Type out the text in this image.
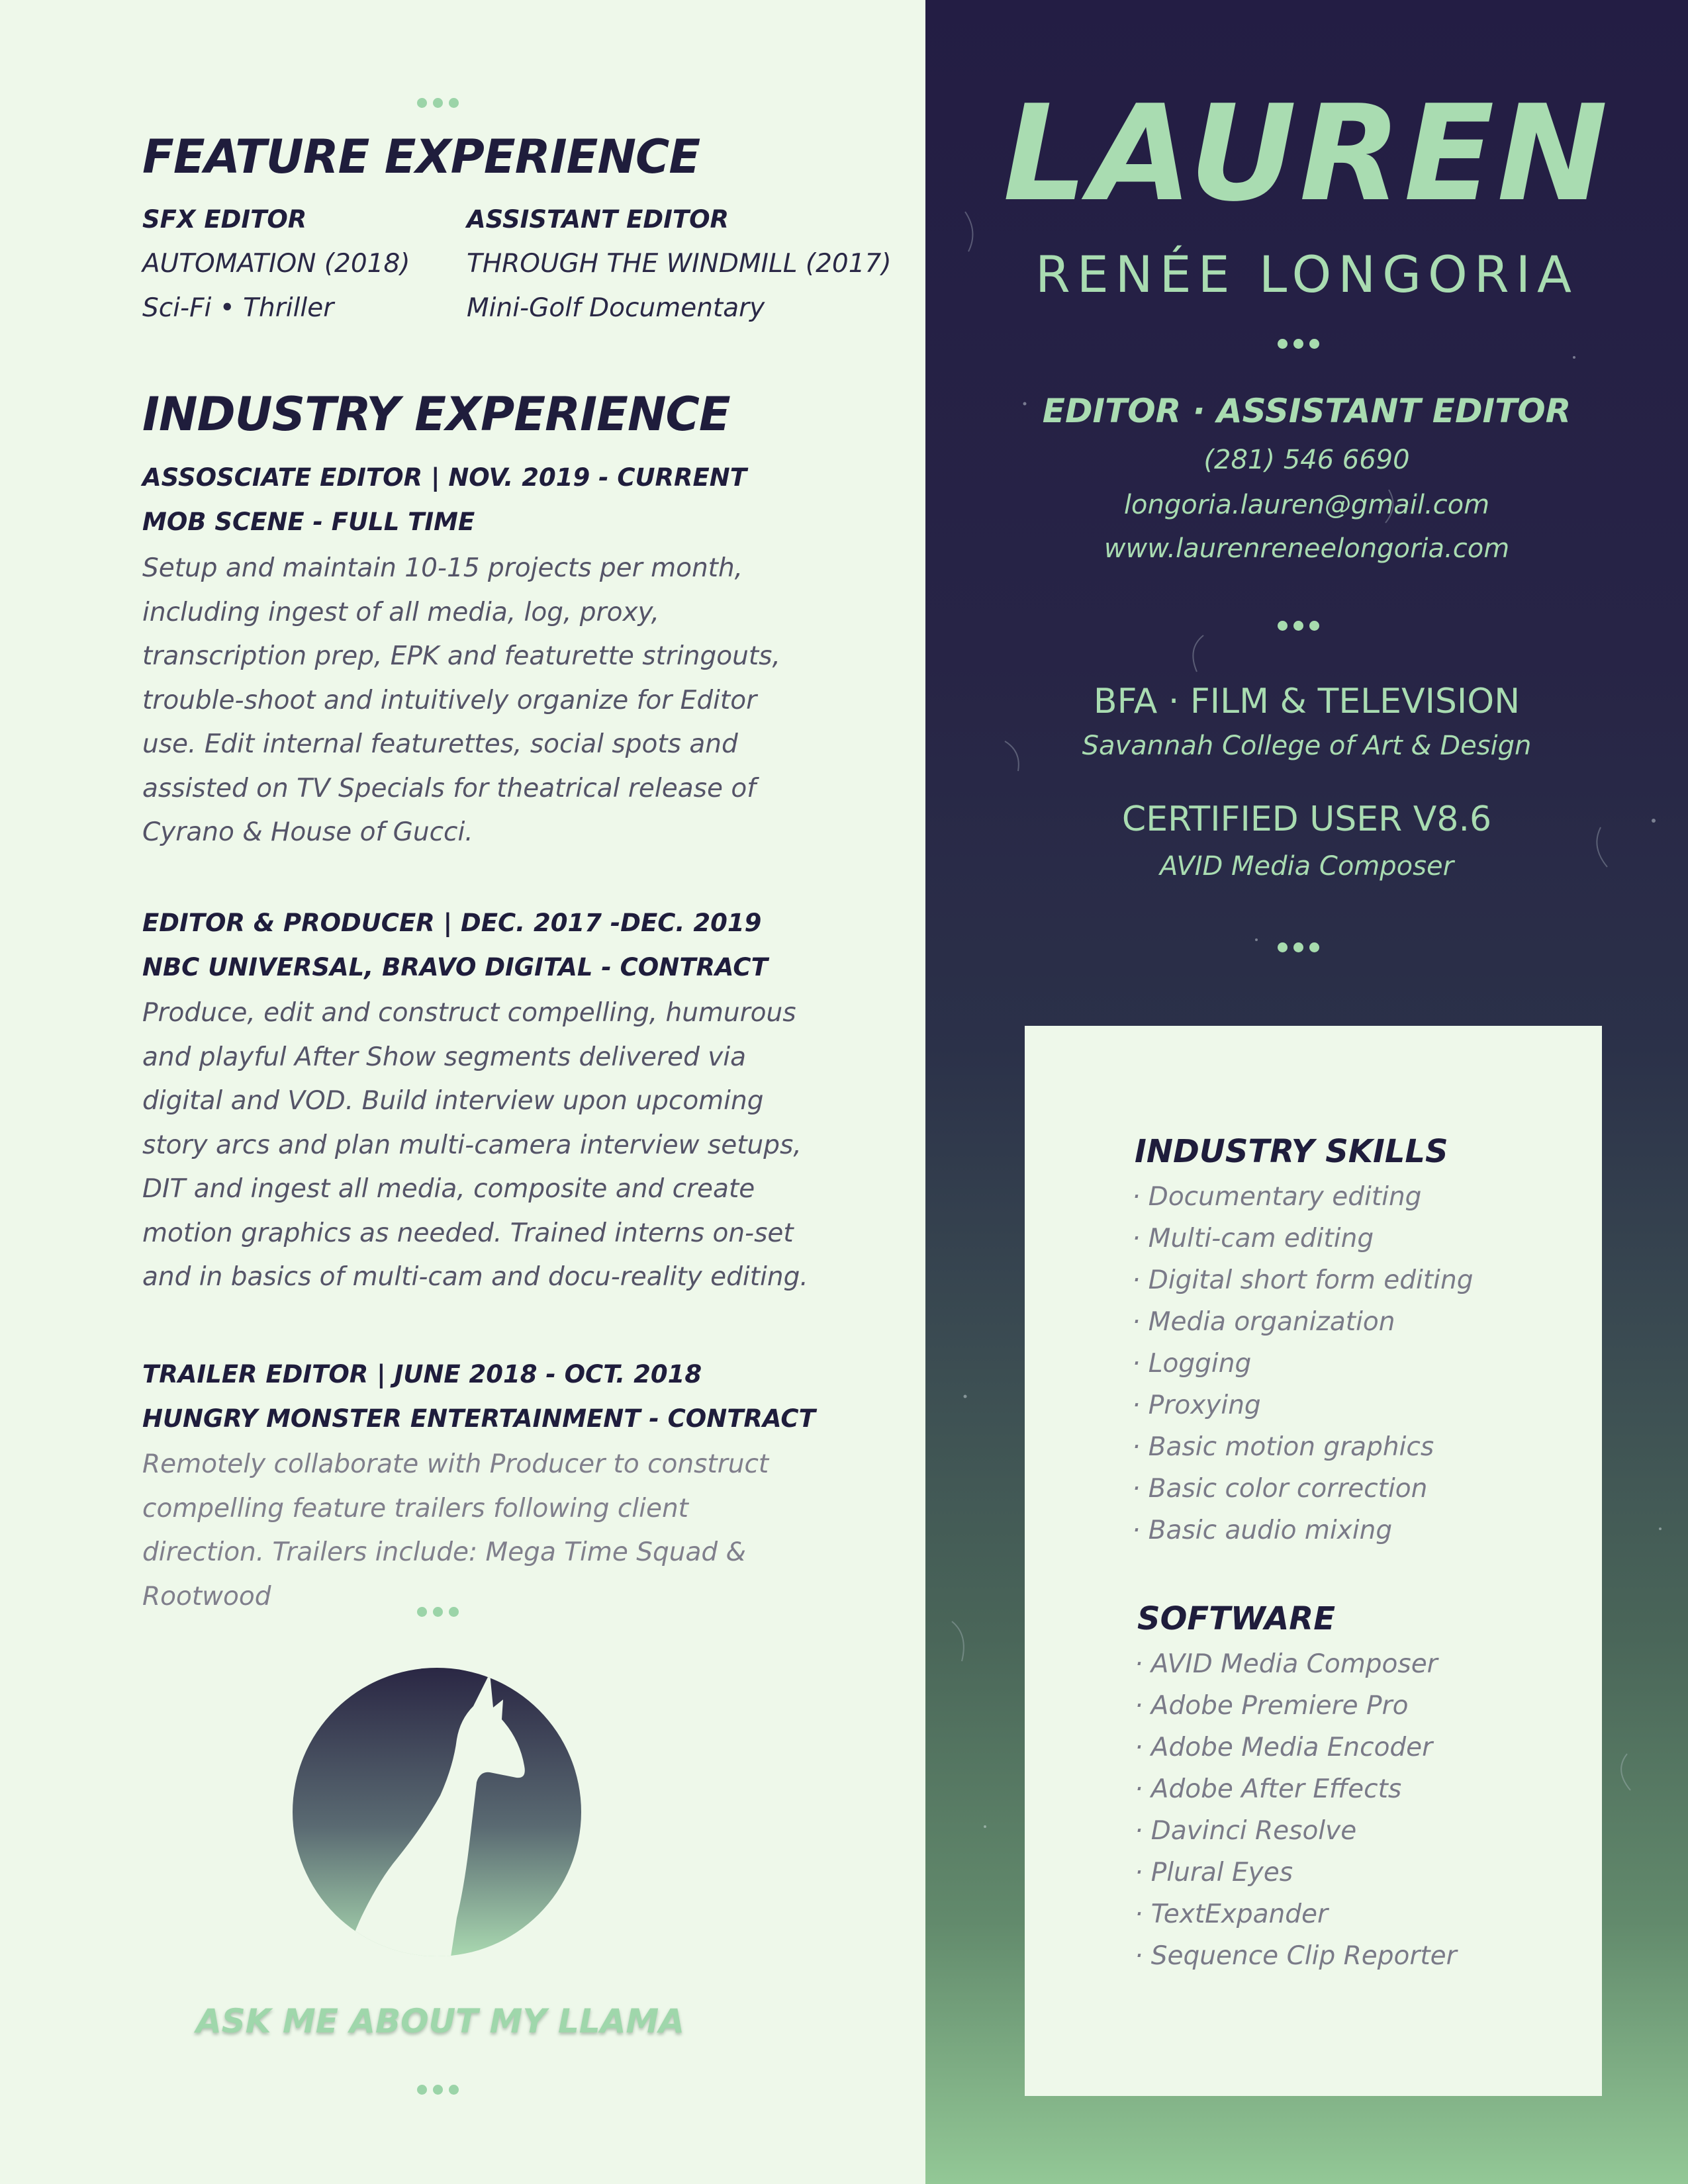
FEATURE EXPERIENCE
SFX EDITOR
AUTOMATION (2018)
Sci-Fi • Thriller
ASSISTANT EDITOR
THROUGH THE WINDMILL (2017)
Mini-Golf Documentary
INDUSTRY EXPERIENCE
ASSOSCIATE EDITOR | NOV. 2019 - CURRENT
MOB SCENE - FULL TIME
Setup and maintain 10-15 projects per month, including ingest of all media, log, proxy, transcription prep, EPK and featurette stringouts, trouble-shoot and intuitively organize for Editor use. Edit internal featurettes, social spots and assisted on TV Specials for theatrical release of Cyrano & House of Gucci.
EDITOR & PRODUCER | DEC. 2017 -DEC. 2019
NBC UNIVERSAL, BRAVO DIGITAL - CONTRACT
Produce, edit and construct compelling, humurous and playful After Show segments delivered via digital and VOD. Build interview upon upcoming story arcs and plan multi-camera interview setups, DIT and ingest all media, composite and create motion graphics as needed. Trained interns on-set and in basics of multi-cam and docu-reality editing.
TRAILER EDITOR | JUNE 2018 - OCT. 2018
HUNGRY MONSTER ENTERTAINMENT - CONTRACT
Remotely collaborate with Producer to construct compelling feature trailers following client direction. Trailers include: Mega Time Squad & Rootwood
ASK ME ABOUT MY LLAMA
LAUREN
RENÉE LONGORIA
EDITOR · ASSISTANT EDITOR
(281) 546 6690
longoria.lauren@gmail.com
www.laurenreneelongoria.com
BFA · FILM & TELEVISION
Savannah College of Art & Design
CERTIFIED USER V8.6
AVID Media Composer
INDUSTRY SKILLS
· Documentary editing
· Multi-cam editing
· Digital short form editing
· Media organization
· Logging
· Proxying
· Basic motion graphics
· Basic color correction
· Basic audio mixing
SOFTWARE
· AVID Media Composer
· Adobe Premiere Pro
· Adobe Media Encoder
· Adobe After Effects
· Davinci Resolve
· Plural Eyes
· TextExpander
· Sequence Clip Reporter
